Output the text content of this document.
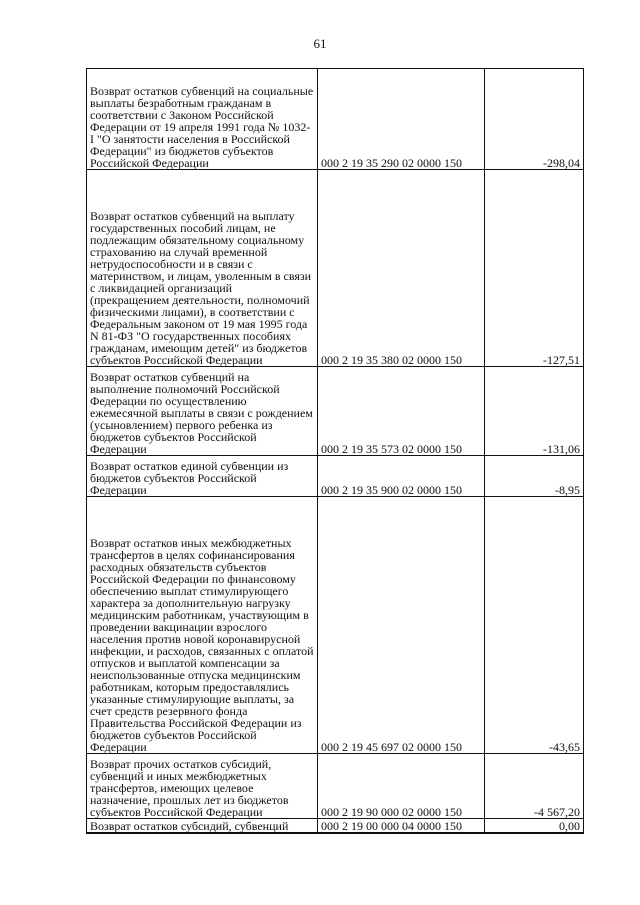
61
Возврат остатков субвенций на социальные выплаты безработным гражданам в соответствии с Законом Российской Федерации от 19 апреля 1991 года № 1032-I "О занятости населения в Российской Федерации" из бюджетов субъектов Российской Федерации	000 2 19 35 290 02 0000 150	-298,04
Возврат остатков субвенций на выплату государственных пособий лицам, не подлежащим обязательному социальному страхованию на случай временной нетрудоспособности и в связи с материнством, и лицам, уволенным в связи с ликвидацией организаций (прекращением деятельности, полномочий физическими лицами), в соответствии с Федеральным законом от 19 мая 1995 года N 81-ФЗ "О государственных пособиях гражданам, имеющим детей" из бюджетов субъектов Российской Федерации	000 2 19 35 380 02 0000 150	-127,51
Возврат остатков субвенций на выполнение полномочий Российской Федерации по осуществлению ежемесячной выплаты в связи с рождением (усыновлением) первого ребенка из бюджетов субъектов Российской Федерации	000 2 19 35 573 02 0000 150	-131,06
Возврат остатков единой субвенции из бюджетов субъектов Российской Федерации	000 2 19 35 900 02 0000 150	-8,95
Возврат остатков иных межбюджетных трансфертов в целях софинансирования расходных обязательств субъектов Российской Федерации по финансовому обеспечению выплат стимулирующего характера за дополнительную нагрузку медицинским работникам, участвующим в проведении вакцинации взрослого населения против новой коронавирусной инфекции, и расходов, связанных с оплатой отпусков и выплатой компенсации за неиспользованные отпуска медицинским работникам, которым предоставлялись указанные стимулирующие выплаты, за счет средств резервного фонда Правительства Российской Федерации из бюджетов субъектов Российской Федерации	000 2 19 45 697 02 0000 150	-43,65
Возврат прочих остатков субсидий, субвенций и иных межбюджетных трансфертов, имеющих целевое назначение, прошлых лет из бюджетов субъектов Российской Федерации	000 2 19 90 000 02 0000 150	-4 567,20
Возврат остатков субсидий, субвенций	000 2 19 00 000 04 0000 150	0,00
